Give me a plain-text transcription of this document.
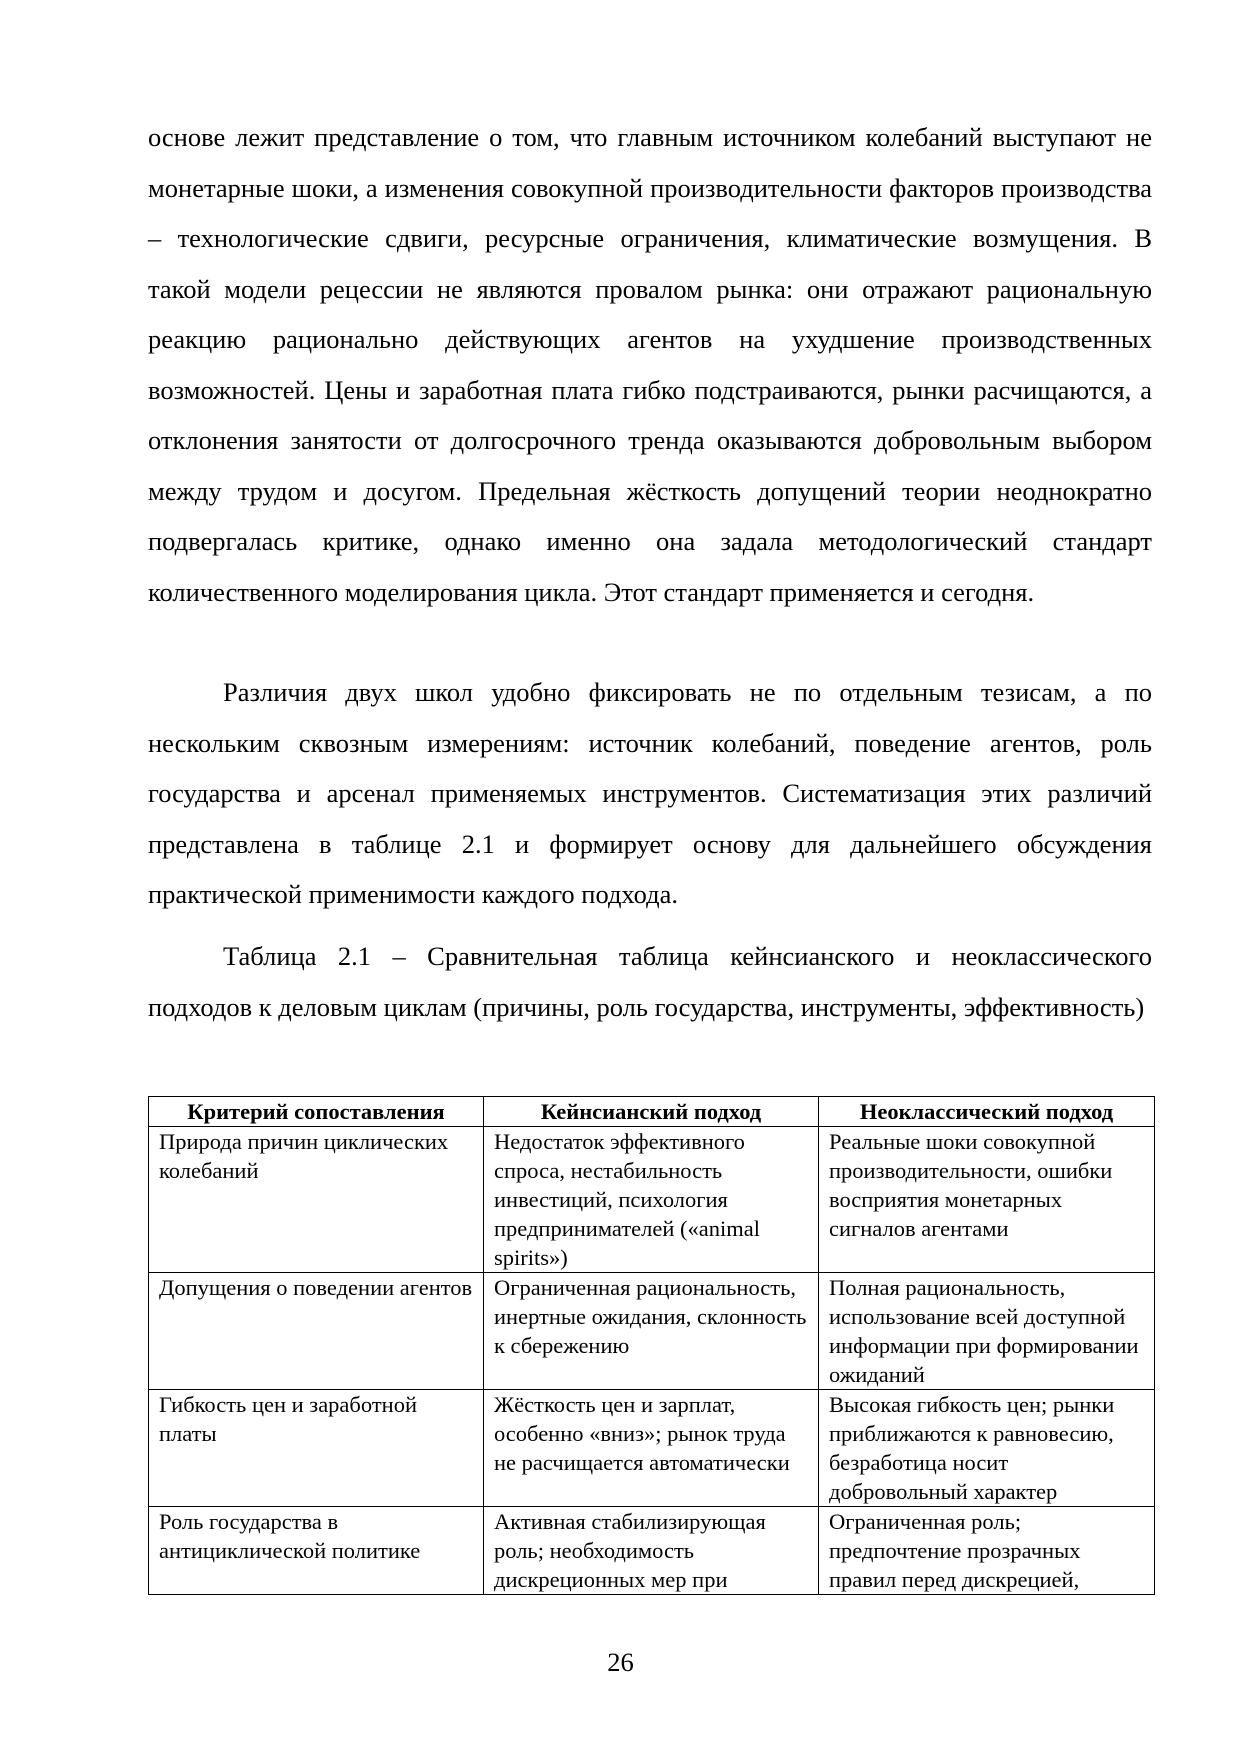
основе лежит представление о том, что главным источником колебаний выступают не монетарные шоки, а изменения совокупной производительности факторов производства – технологические сдвиги, ресурсные ограничения, климатические возмущения. В такой модели рецессии не являются провалом рынка: они отражают рациональную реакцию рационально действующих агентов на ухудшение производственных возможностей. Цены и заработная плата гибко подстраиваются, рынки расчищаются, а отклонения занятости от долгосрочного тренда оказываются добровольным выбором между трудом и досугом. Предельная жёсткость допущений теории неоднократно подвергалась критике, однако именно она задала методологический стандарт количественного моделирования цикла. Этот стандарт применяется и сегодня.

Различия двух школ удобно фиксировать не по отдельным тезисам, а по нескольким сквозным измерениям: источник колебаний, поведение агентов, роль государства и арсенал применяемых инструментов. Систематизация этих различий представлена в таблице 2.1 и формирует основу для дальнейшего обсуждения практической применимости каждого подхода.

Таблица 2.1 – Сравнительная таблица кейнсианского и неоклассического подходов к деловым циклам (причины, роль государства, инструменты, эффективность)

Критерий сопоставления	Кейнсианский подход	Неоклассический подход
Природа причин циклических колебаний	Недостаток эффективного спроса, нестабильность инвестиций, психология предпринимателей («animal spirits»)	Реальные шоки совокупной производительности, ошибки восприятия монетарных сигналов агентами
Допущения о поведении агентов	Ограниченная рациональность, инертные ожидания, склонность к сбережению	Полная рациональность, использование всей доступной информации при формировании ожиданий
Гибкость цен и заработной платы	Жёсткость цен и зарплат, особенно «вниз»; рынок труда не расчищается автоматически	Высокая гибкость цен; рынки приближаются к равновесию, безработица носит добровольный характер

Роль государства в антициклической политике	Активная стабилизирующая роль; необходимость дискреционных мер при	Ограниченная роль; предпочтение прозрачных правил перед дискрецией,
26
